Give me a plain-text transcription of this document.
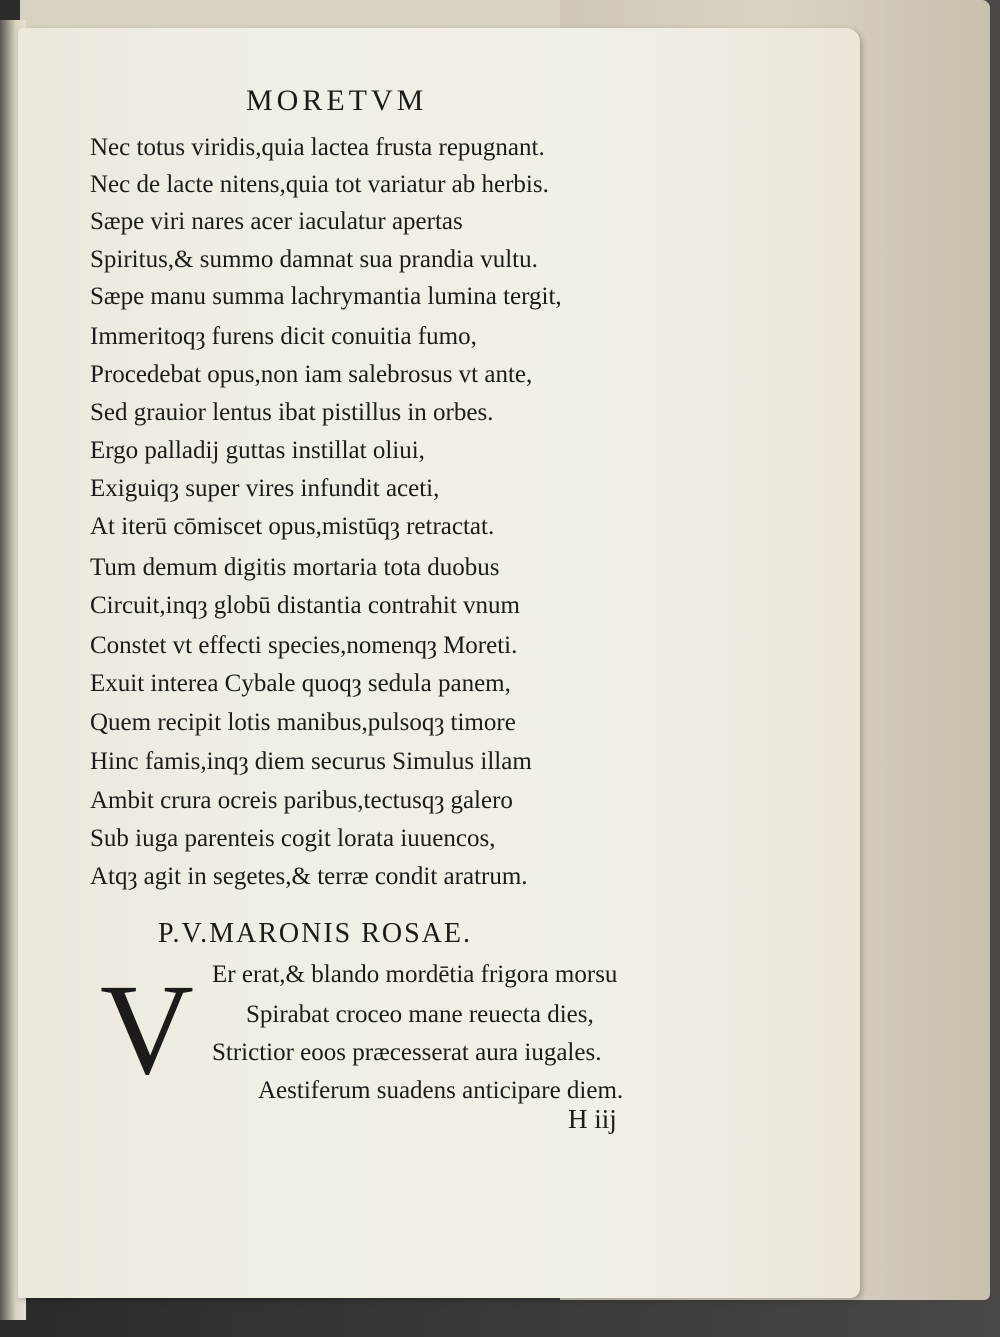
MORETVM
Nec totus viridis,quia lactea frusta repugnant.
Nec de lacte nitens,quia tot variatur ab herbis.
Sæpe viri nares acer iaculatur apertas
Spiritus,& summo damnat sua prandia vultu.
Sæpe manu summa lachrymantia lumina tergit,
Immeritoqȝ furens dicit conuitia fumo,
Procedebat opus,non iam salebrosus vt ante,
Sed grauior lentus ibat pistillus in orbes.
Ergo palladij guttas instillat oliui,
Exiguiqȝ super vires infundit aceti,
At iterū cōmiscet opus,mistūqȝ retractat.
Tum demum digitis mortaria tota duobus
Circuit,inqȝ globū distantia contrahit vnum
Constet vt effecti species,nomenqȝ Moreti.
Exuit interea Cybale quoqȝ sedula panem,
Quem recipit lotis manibus,pulsoqȝ timore
Hinc famis,inqȝ diem securus Simulus illam
Ambit crura ocreis paribus,tectusqȝ galero
Sub iuga parenteis cogit lorata iuuencos,
Atqȝ agit in segetes,& terræ condit aratrum.
P.V.MARONIS ROSAE.
V Er erat,& blando mordētia frigora morsu
Spirabat croceo mane reuecta dies,
Strictior eoos præcesserat aura iugales.
Aestiferum suadens anticipare diem.
H iij
